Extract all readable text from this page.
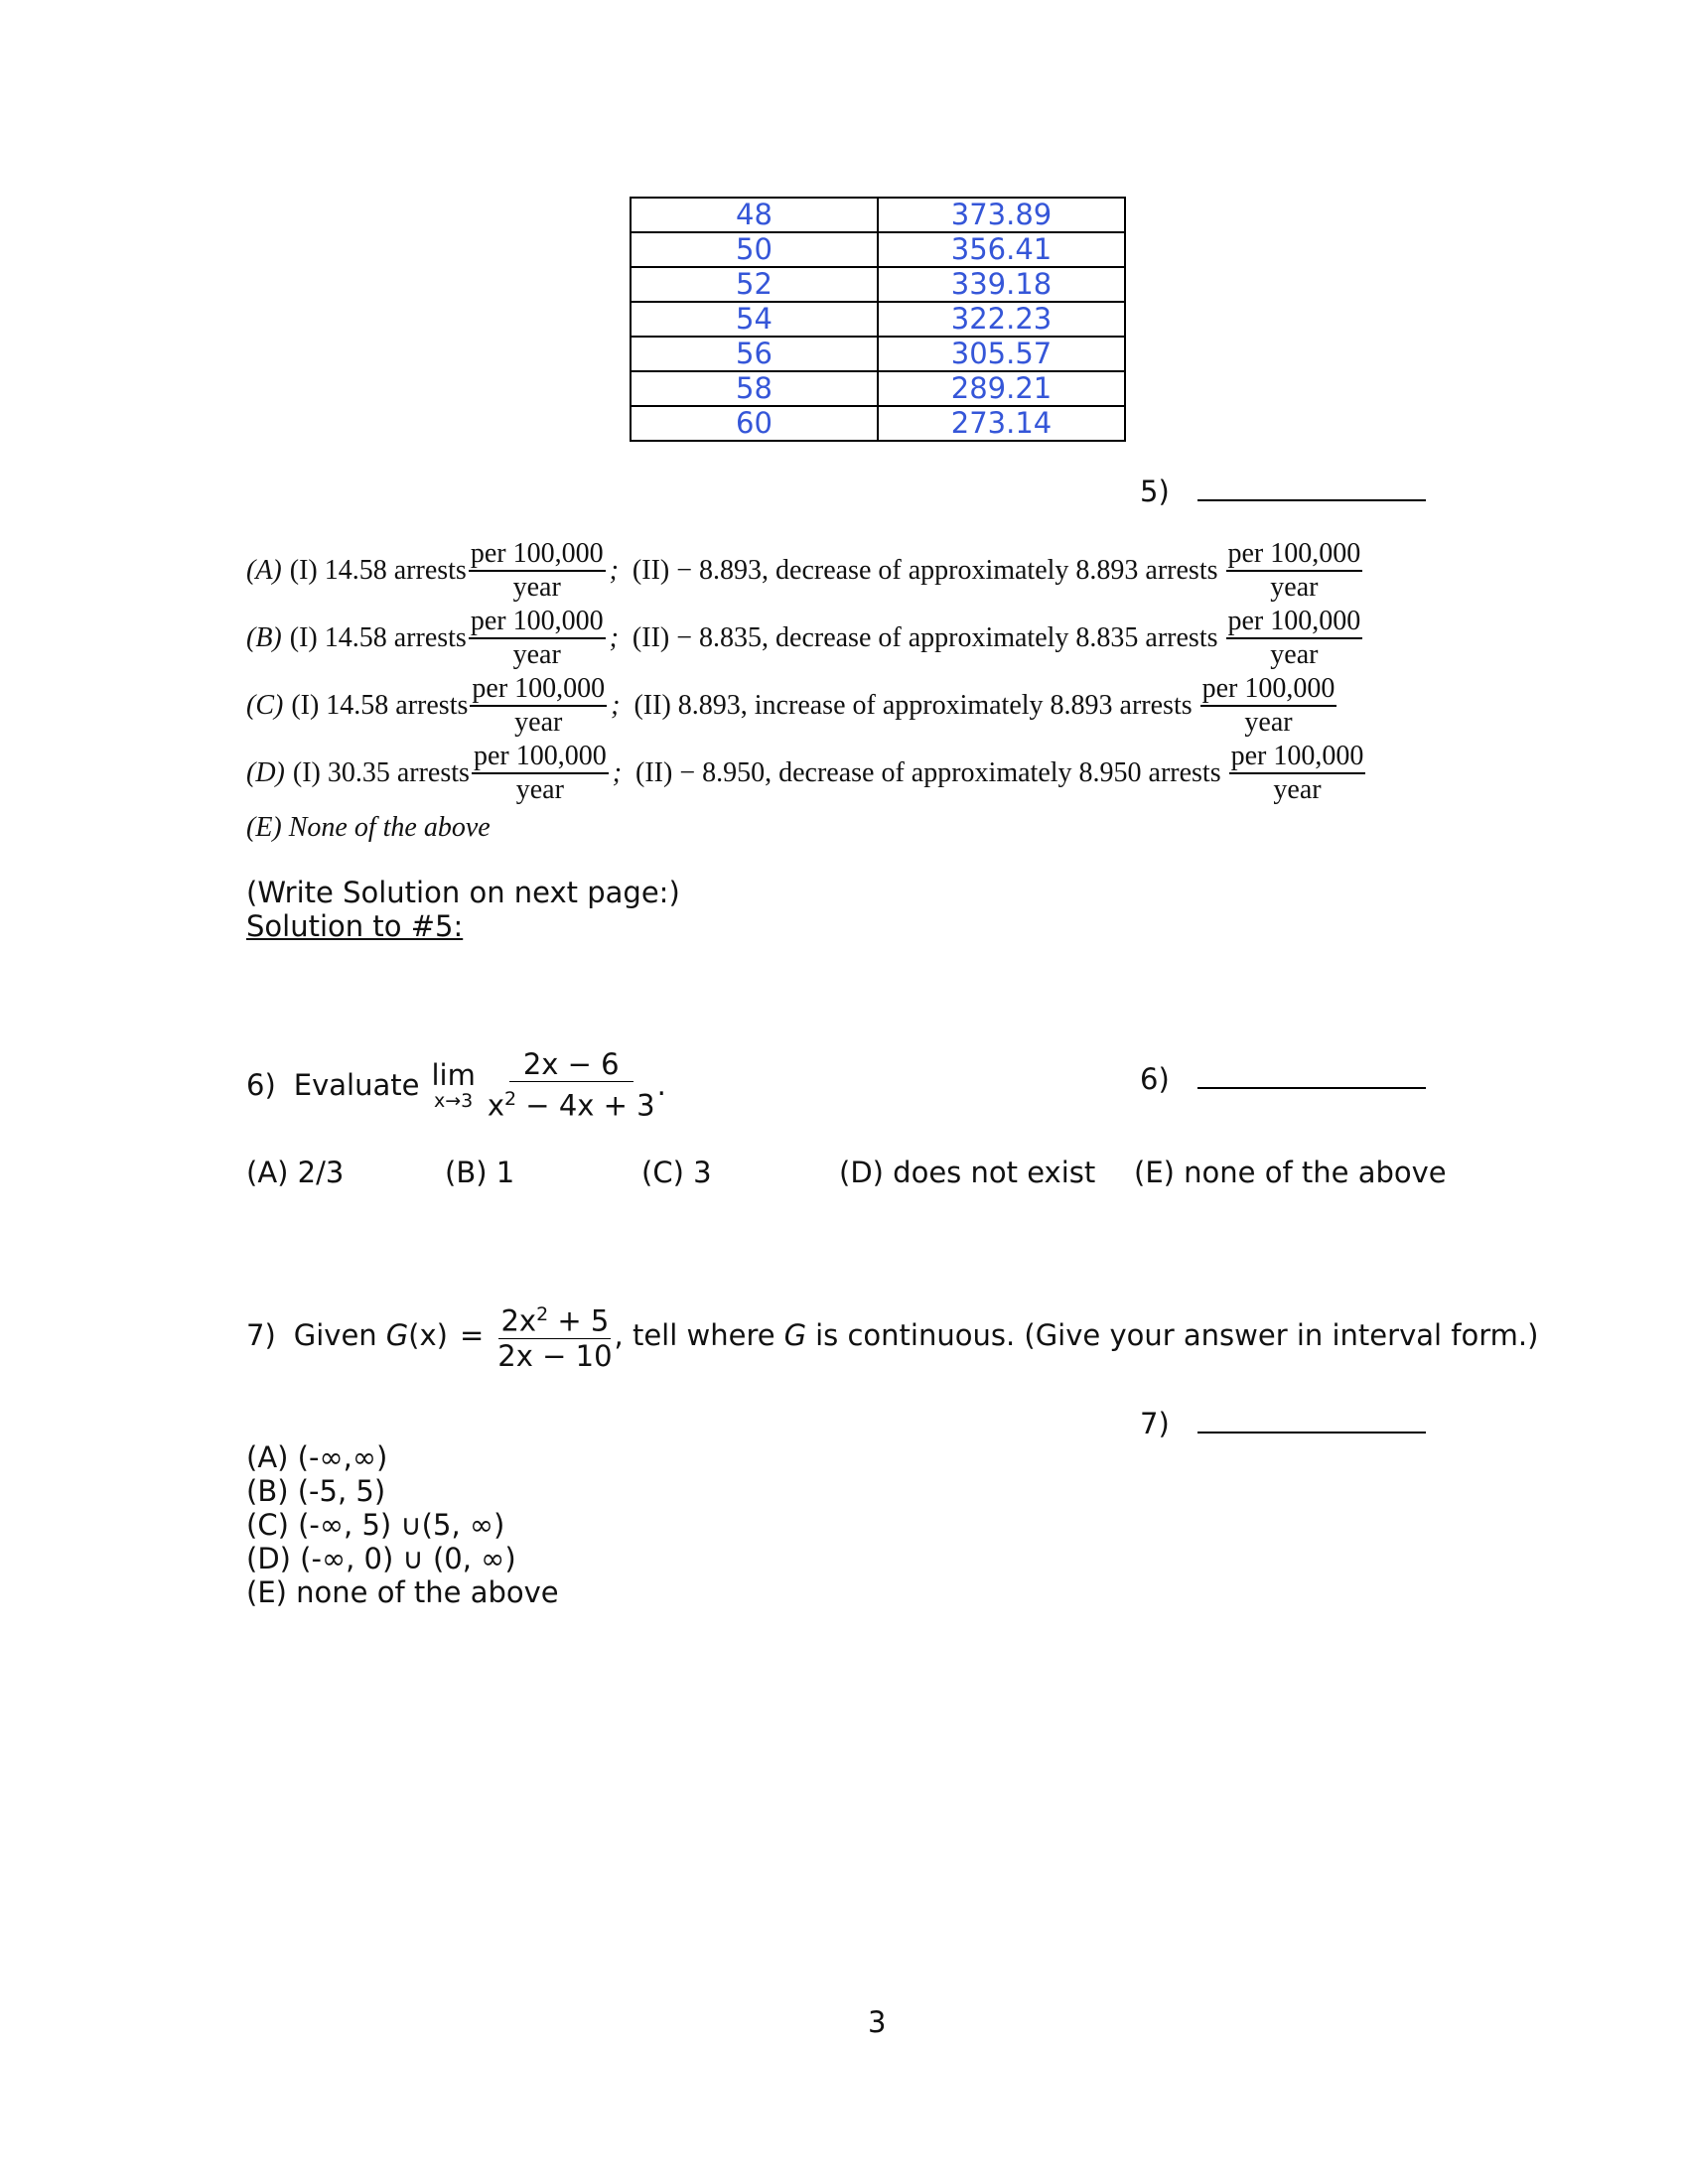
48	373.89
50	356.41
52	339.18
54	322.23
56	305.57
58	289.21
60	273.14
5)
(A) (I) 14.58 arrests $\frac{\text{per 100,000}}{\text{year}}$ ; (II) − 8.893, decrease of approximately 8.893 arrests $\frac{\text{per 100,000}}{\text{year}}$
(B) (I) 14.58 arrests $\frac{\text{per 100,000}}{\text{year}}$ ; (II) − 8.835, decrease of approximately 8.835 arrests $\frac{\text{per 100,000}}{\text{year}}$
(C) (I) 14.58 arrests $\frac{\text{per 100,000}}{\text{year}}$ ; (II) 8.893, increase of approximately 8.893 arrests $\frac{\text{per 100,000}}{\text{year}}$
(D) (I) 30.35 arrests $\frac{\text{per 100,000}}{\text{year}}$ ; (II) − 8.950, decrease of approximately 8.950 arrests $\frac{\text{per 100,000}}{\text{year}}$
(E) None of the above
(Write Solution on next page:)
Solution to #5:
6) Evaluate lim
$x\to 3 \frac{2x - 6}{x^2 - 4x + 3}$ .	6)
(A) 2/3	(B) 1	(C) 3	(D) does not exist (E) none of the above
7) Given G $(x) = \frac{2x^2 + 5}{2x - 10}$ , tell where G is continuous. (Give your answer in interval form.)
7)
(A) (-∞,∞)
(B) (-5, 5)
(C) (-∞, 5) ∪(5, ∞)
(D) (-∞, 0) ∪ (0, ∞)
(E) none of the above
3
